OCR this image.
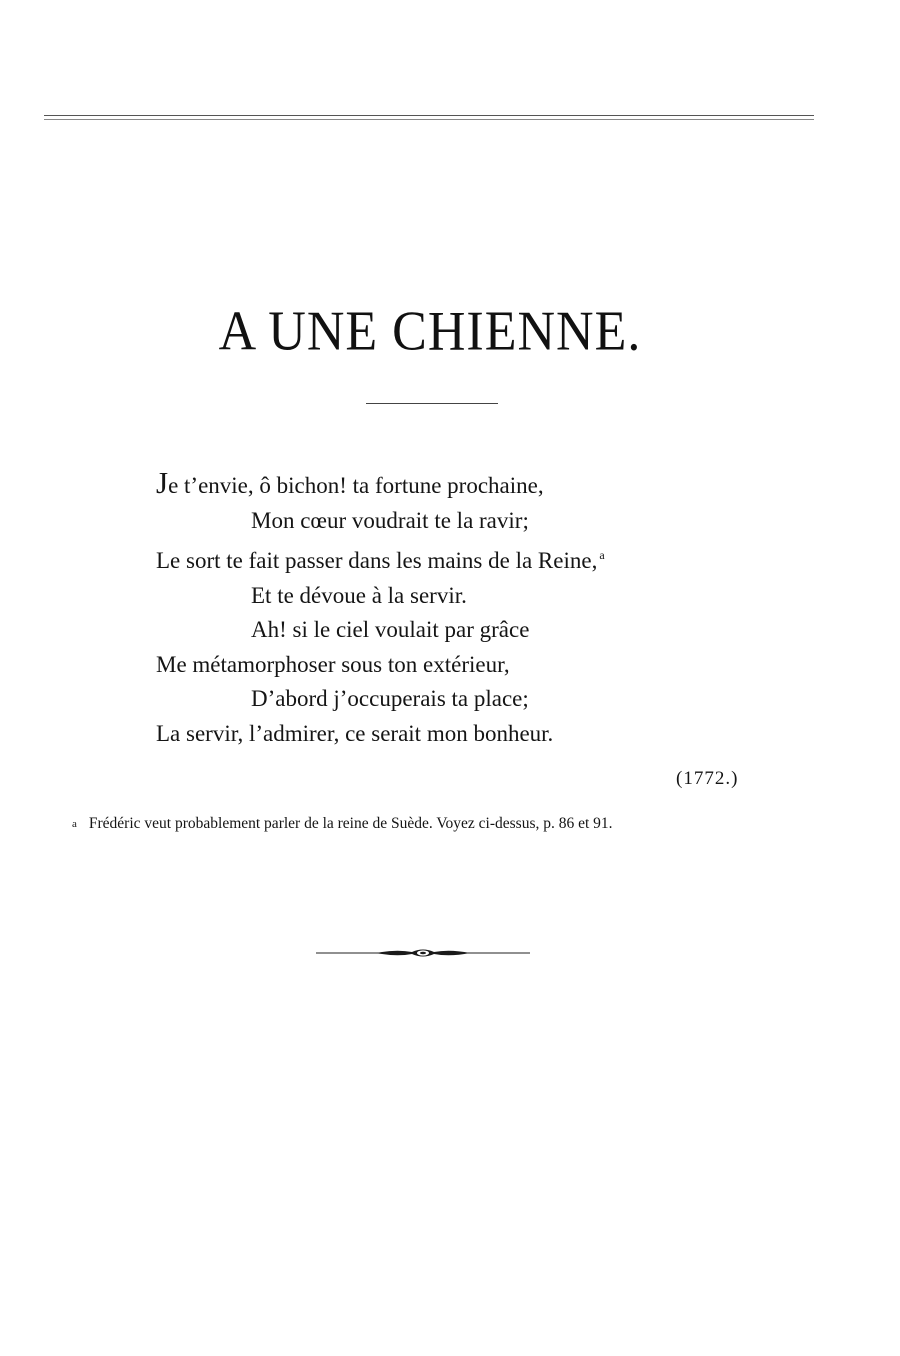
A UNE CHIENNE.
Je t’envie, ô bichon! ta fortune prochaine,
Mon cœur voudrait te la ravir;
Le sort te fait passer dans les mains de la Reine, $^a$
Et te dévoue à la servir.
Ah! si le ciel voulait par grâce
Me métamorphoser sous ton extérieur,
D’abord j’occuperais ta place;
La servir, l’admirer, ce serait mon bonheur.
(1772.)
a Frédéric veut probablement parler de la reine de Suède. Voyez ci-dessus, p. 86 et 91.
